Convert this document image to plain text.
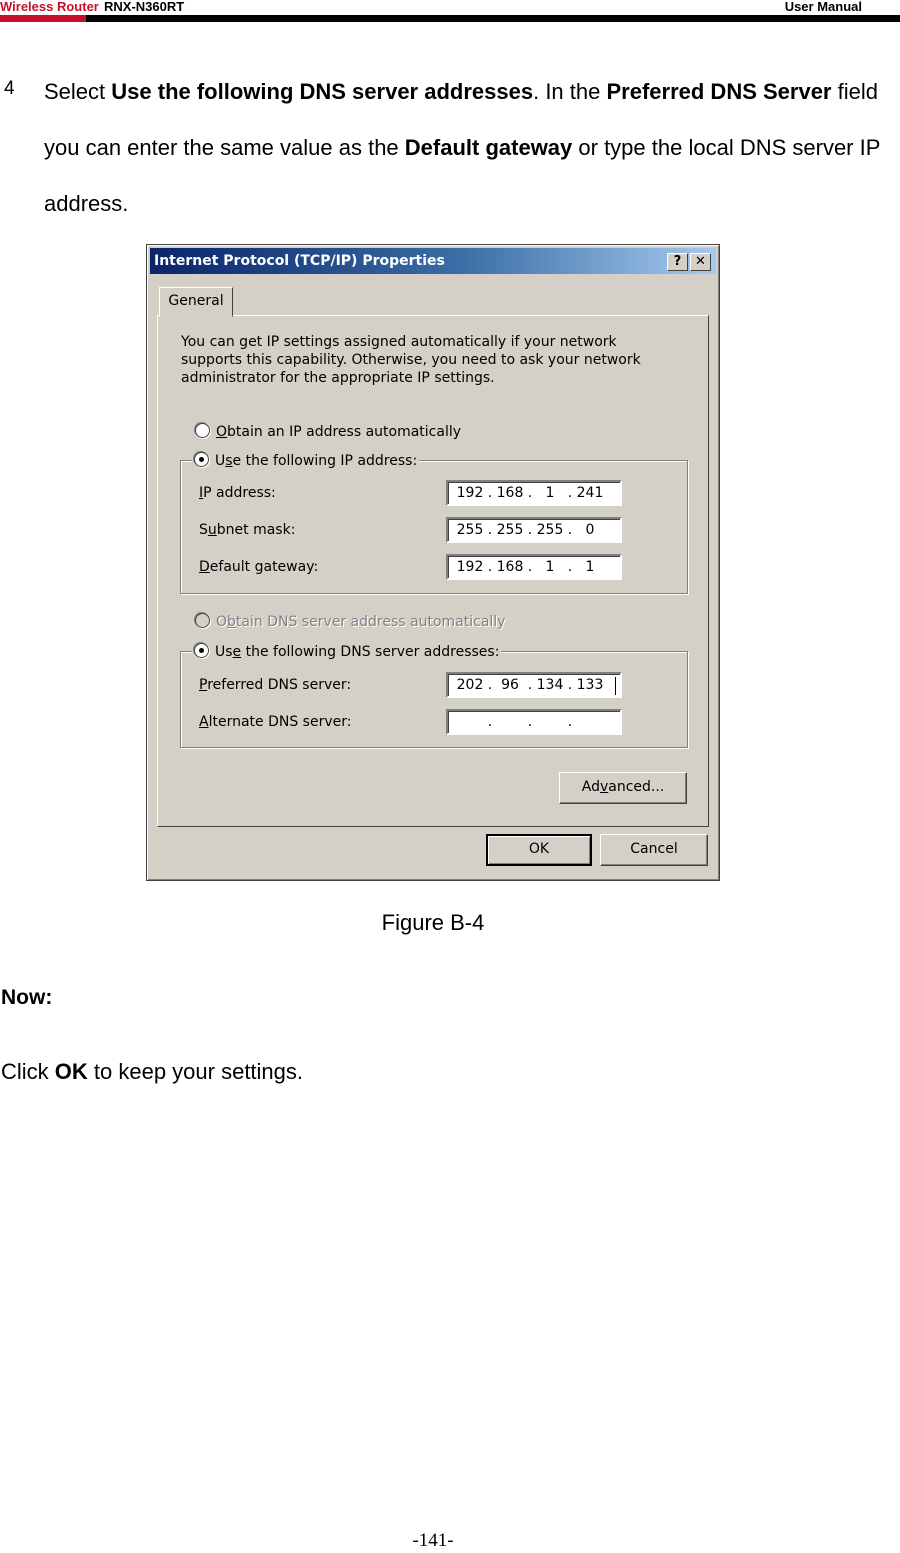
Wireless Router RNX-N360RT	User Manual
4 Select Use the following DNS server addresses. In the Preferred DNS Server field you can enter the same value as the Default gateway or type the local DNS server IP address.
Internet Protocol (TCP/IP) Properties	?	✕
General
You can get IP settings assigned automatically if your network supports this capability. Otherwise, you need to ask your network administrator for the appropriate IP settings.
Obtain an IP address automatically
Use the following IP address:
IP address:	192 . 168 . 1 . 241
Subnet mask:	255 . 255 . 255 . 0
Default gateway:	192 . 168 . 1 . 1
Obtain DNS server address automatically
Use the following DNS server addresses:
Preferred DNS server:	202 . 96 . 134 . 133
Alternate DNS server:	.	.	.
Advanced...
OK	Cancel
Figure B-4
Now:
Click OK to keep your settings.
-141-
